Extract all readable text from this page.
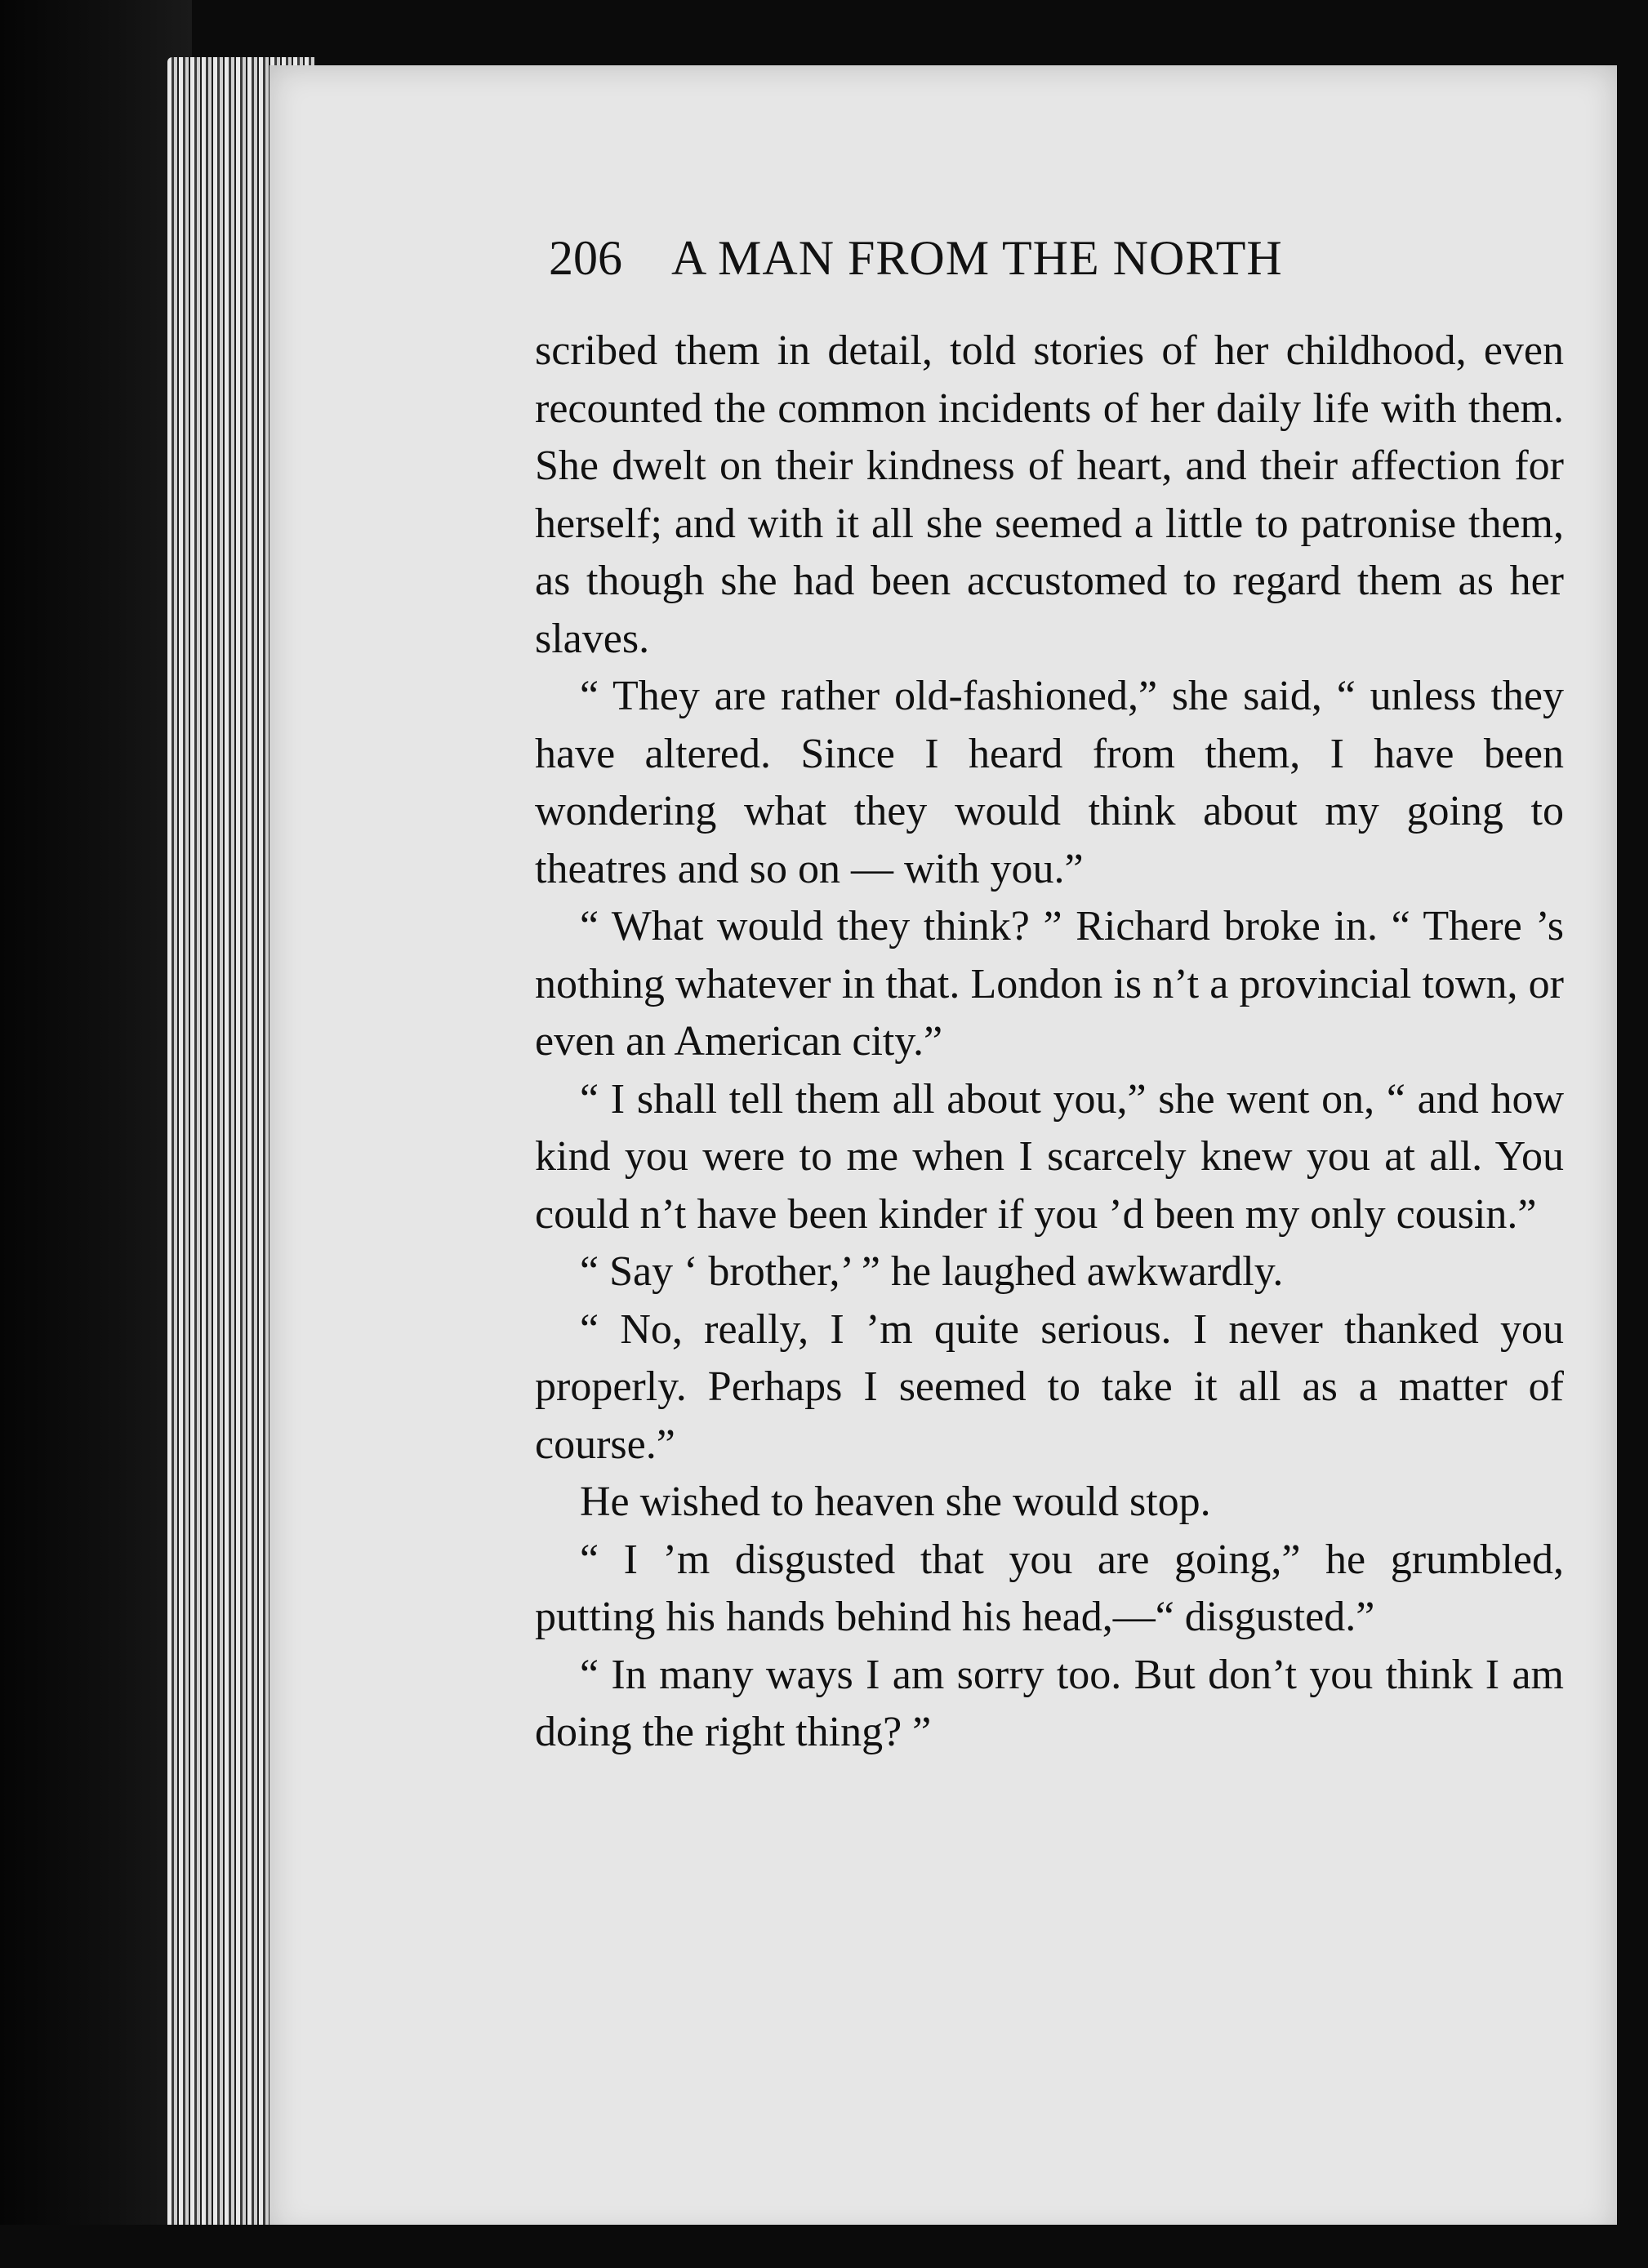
206 A MAN FROM THE NORTH

scribed them in detail, told stories of her childhood, even recounted the common incidents of her daily life with them. She dwelt on their kindness of heart, and their affection for herself; and with it all she seemed a little to patronise them, as though she had been accustomed to regard them as her slaves.

“ They are rather old-fashioned,” she said, “ unless they have altered. Since I heard from them, I have been wondering what they would think about my going to theatres and so on — with you.”

“ What would they think? ” Richard broke in. “ There ’s nothing whatever in that. London is n’t a provincial town, or even an American city.”

“ I shall tell them all about you,” she went on, “ and how kind you were to me when I scarcely knew you at all. You could n’t have been kinder if you ’d been my only cousin.”

“ Say ‘ brother,’ ” he laughed awkwardly.

“ No, really, I ’m quite serious. I never thanked you properly. Perhaps I seemed to take it all as a matter of course.”

He wished to heaven she would stop.

“ I ’m disgusted that you are going,” he grumbled, putting his hands behind his head,—“ disgusted.”

“ In many ways I am sorry too. But don’t you think I am doing the right thing? ”
